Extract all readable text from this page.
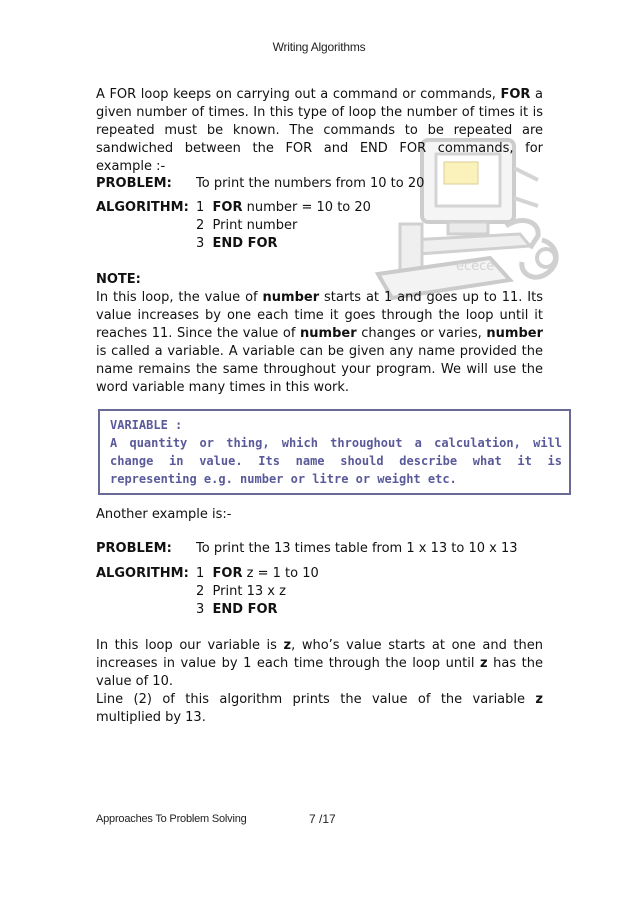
Writing Algorithms
ecece
A FOR loop keeps on carrying out a command or commands, FOR a given number of times. In this type of loop the number of times it is repeated must be known. The commands to be repeated are sandwiched between the FOR and END FOR commands, for example :-
PROBLEM: To print the numbers from 10 to 20
ALGORITHM: 1 FOR number = 10 to 20
2 Print number
3 END FOR
NOTE:
In this loop, the value of number starts at 1 and goes up to 11. Its value increases by one each time it goes through the loop until it reaches 11. Since the value of number changes or varies, number is called a variable. A variable can be given any name provided the name remains the same throughout your program. We will use the word variable many times in this work.
VARIABLE :
A quantity or thing, which throughout a calculation, will change in value. Its name should describe what it is representing e.g. number or litre or weight etc.
Another example is:-
PROBLEM: To print the 13 times table from 1 x 13 to 10 x 13
ALGORITHM: 1 FOR z = 1 to 10
2 Print 13 x z
3 END FOR
In this loop our variable is z, who’s value starts at one and then increases in value by 1 each time through the loop until z has the value of 10.
Line (2) of this algorithm prints the value of the variable z multiplied by 13.
Approaches To Problem Solving	7 /17
